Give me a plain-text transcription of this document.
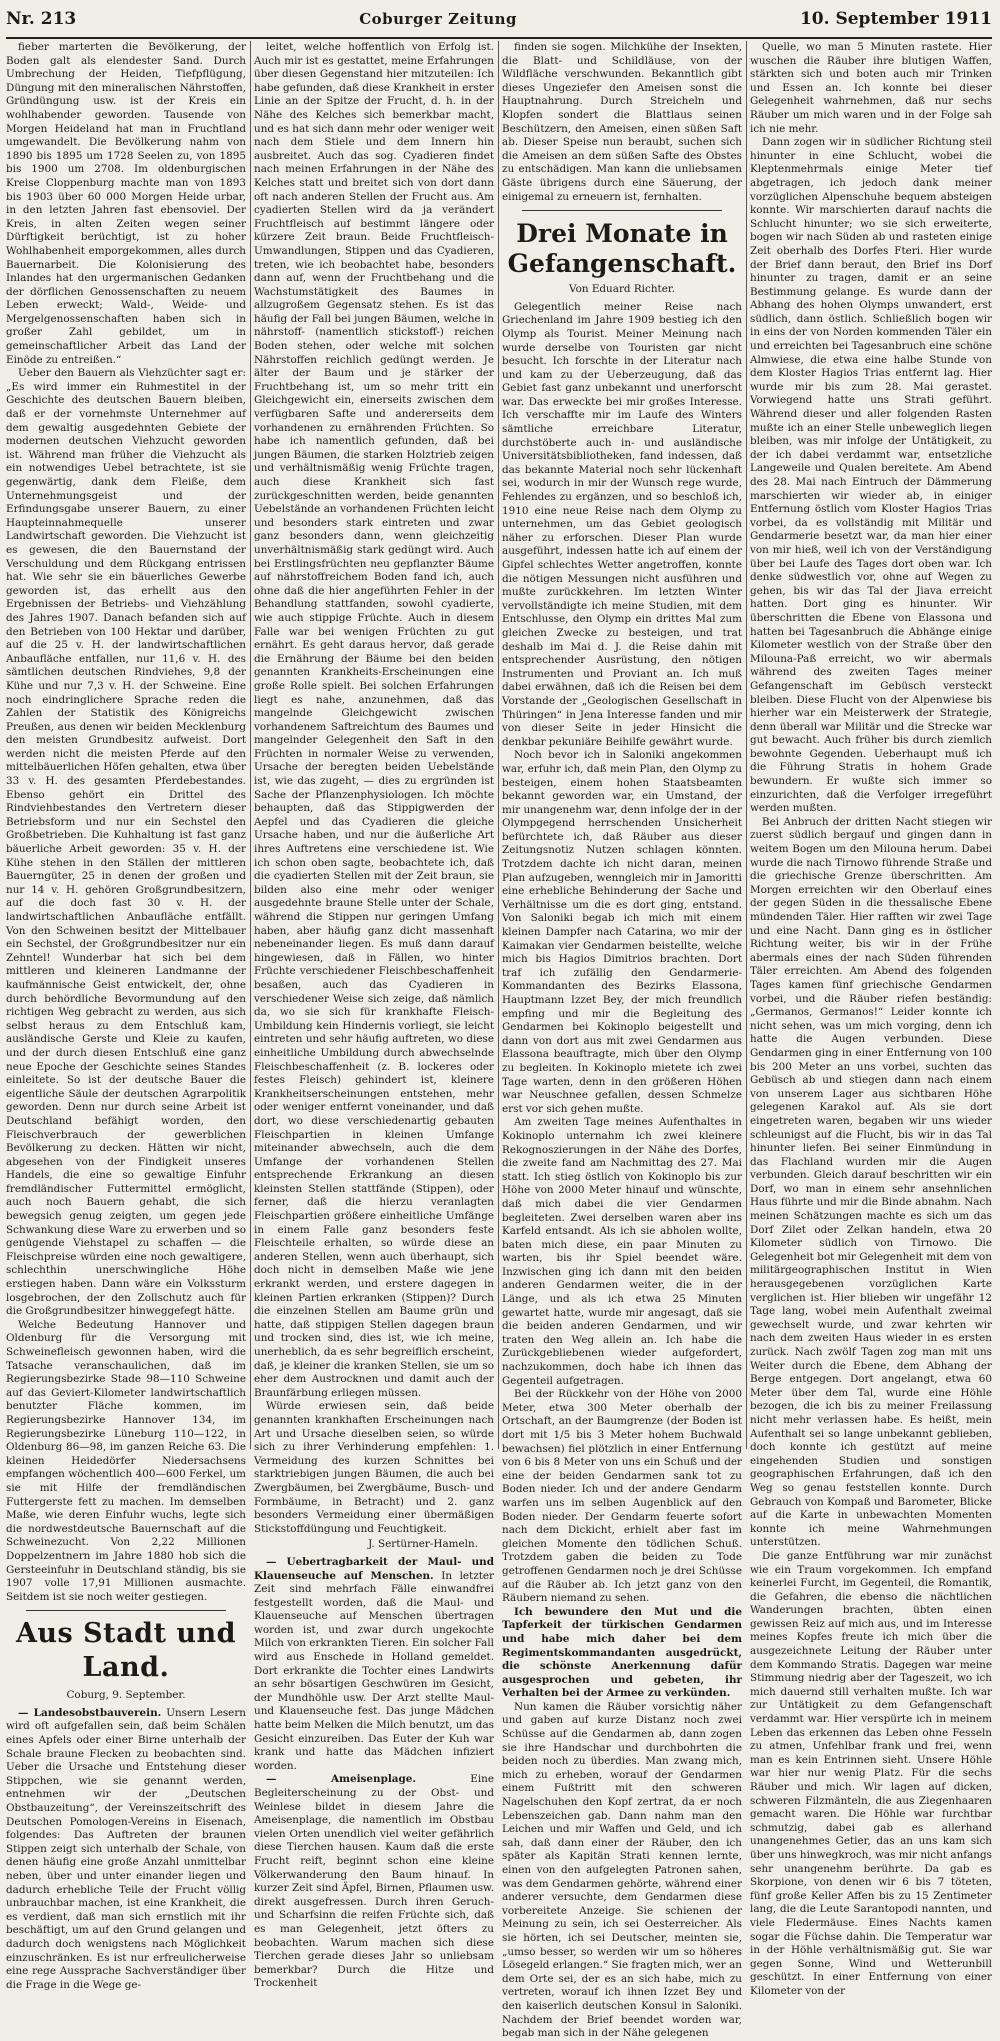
Nr. 213	Coburger Zeitung	10. September 1911

fieber marterten die Bevölkerung, der Boden galt als elendester Sand. Durch Umbrechung der Heiden, Tiefpflügung, Düngung mit den mineralischen Nährstoffen, Gründüngung usw. ist der Kreis ein wohlhabender geworden. Tausende von Morgen Heideland hat man in Fruchtland umgewandelt. Die Bevölkerung nahm von 1890 bis 1895 um 1728 Seelen zu, von 1895 bis 1900 um 2708. Im oldenburgischen Kreise Cloppenburg machte man von 1893 bis 1903 über 60 000 Morgen Heide urbar, in den letzten Jahren fast ebensoviel. Der Kreis, in alten Zeiten wegen seiner Dürftigkeit berüchtigt, ist zu hoher Wohlhabenheit emporgekommen, alles durch Bauernarbeit. Die Kolonisierung des Inlandes hat den urgermanischen Gedanken der dörflichen Genossenschaften zu neuem Leben erweckt; Wald-, Weide- und Mergelgenossenschaften haben sich in großer Zahl gebildet, um in gemeinschaftlicher Arbeit das Land der Einöde zu entreißen.“

Ueber den Bauern als Viehzüchter sagt er: „Es wird immer ein Ruhmestitel in der Geschichte des deutschen Bauern bleiben, daß er der vornehmste Unternehmer auf dem gewaltig ausgedehnten Gebiete der modernen deutschen Viehzucht geworden ist. Während man früher die Viehzucht als ein notwendiges Uebel betrachtete, ist sie gegenwärtig, dank dem Fleiße, dem Unternehmungsgeist und der Erfindungsgabe unserer Bauern, zu einer Haupteinnahmequelle unserer Landwirtschaft geworden. Die Viehzucht ist es gewesen, die den Bauernstand der Verschuldung und dem Rückgang entrissen hat. Wie sehr sie ein bäuerliches Gewerbe geworden ist, das erhellt aus den Ergebnissen der Betriebs- und Viehzählung des Jahres 1907. Danach befanden sich auf den Betrieben von 100 Hektar und darüber, auf die 25 v. H. der landwirtschaftlichen Anbaufläche entfallen, nur 11,6 v. H. des sämtlichen deutschen Rindviehes, 9,8 der Kühe und nur 7,3 v. H. der Schweine. Eine noch eindringlichere Sprache reden die Zahlen der Statistik des Königreichs Preußen, aus denen wir beiden Mecklenburg den meisten Grundbesitz aufweist. Dort werden nicht die meisten Pferde auf den mittelbäuerlichen Höfen gehalten, etwa über 33 v. H. des gesamten Pferdebestandes. Ebenso gehört ein Drittel des Rindviehbestandes den Vertretern dieser Betriebsform und nur ein Sechstel den Großbetrieben. Die Kuhhaltung ist fast ganz bäuerliche Arbeit geworden: 35 v. H. der Kühe stehen in den Ställen der mittleren Bauerngüter, 25 in denen der großen und nur 14 v. H. gehören Großgrundbesitzern, auf die doch fast 30 v. H. der landwirtschaftlichen Anbaufläche entfällt. Von den Schweinen besitzt der Mittelbauer ein Sechstel, der Großgrundbesitzer nur ein Zehntel! Wunderbar hat sich bei dem mittleren und kleineren Landmanne der kaufmännische Geist entwickelt, der, ohne durch behördliche Bevormundung auf den richtigen Weg gebracht zu werden, aus sich selbst heraus zu dem Entschluß kam, ausländische Gerste und Kleie zu kaufen, und der durch diesen Entschluß eine ganz neue Epoche der Geschichte seines Standes einleitete. So ist der deutsche Bauer die eigentliche Säule der deutschen Agrarpolitik geworden. Denn nur durch seine Arbeit ist Deutschland befähigt worden, den Fleischverbrauch der gewerblichen Bevölkerung zu decken. Hätten wir nicht, abgesehen von der Findigkeit unseres Handels, die eine so gewaltige Einfuhr fremdländischer Futtermittel ermöglicht, auch noch Bauern gehabt, die sich bewegsich genug zeigten, um gegen jede Schwankung diese Ware zu erwerben und so genügende Viehstapel zu schaffen — die Fleischpreise würden eine noch gewaltigere, schlechthin unerschwingliche Höhe erstiegen haben. Dann wäre ein Volkssturm losgebrochen, der den Zollschutz auch für die Großgrundbesitzer hinweggefegt hätte.

Welche Bedeutung Hannover und Oldenburg für die Versorgung mit Schweinefleisch gewonnen haben, wird die Tatsache veranschaulichen, daß im Regierungsbezirke Stade 98—110 Schweine auf das Geviert-Kilometer landwirtschaftlich benutzter Fläche kommen, im Regierungsbezirke Hannover 134, im Regierungsbezirke Lüneburg 110—122, in Oldenburg 86—98, im ganzen Reiche 63. Die kleinen Heidedörfer Niedersachsens empfangen wöchentlich 400—600 Ferkel, um sie mit Hilfe der fremdländischen Futtergerste fett zu machen. Im demselben Maße, wie deren Einfuhr wuchs, legte sich die nordwestdeutsche Bauernschaft auf die Schweinezucht. Von 2,22 Millionen Doppelzentnern im Jahre 1880 hob sich die Gersteeinfuhr in Deutschland ständig, bis sie 1907 volle 17,91 Millionen ausmachte. Seitdem ist sie noch weiter gestiegen.

Aus Stadt und Land.
Coburg, 9. September.

— Landesobstbauverein. Unsern Lesern wird oft aufgefallen sein, daß beim Schälen eines Apfels oder einer Birne unterhalb der Schale braune Flecken zu beobachten sind. Ueber die Ursache und Entstehung dieser Stippchen, wie sie genannt werden, entnehmen wir der „Deutschen Obstbauzeitung“, der Vereinszeitschrift des Deutschen Pomologen-Vereins in Eisenach, folgendes: Das Auftreten der braunen Stippen zeigt sich unterhalb der Schale, von denen häufig eine große Anzahl unmittelbar neben, über und unter einander liegen und dadurch erhebliche Teile der Frucht völlig unbrauchbar machen, ist eine Krankheit, die es verdient, daß man sich ernstlich mit ihr beschäftigt, um auf den Grund gelangen und dadurch doch wenigstens nach Möglichkeit einzuschränken. Es ist nur erfreulicherweise eine rege Aussprache Sachverständiger über die Frage in die Wege ge-

leitet, welche hoffentlich von Erfolg ist. Auch mir ist es gestattet, meine Erfahrungen über diesen Gegenstand hier mitzuteilen: Ich habe gefunden, daß diese Krankheit in erster Linie an der Spitze der Frucht, d. h. in der Nähe des Kelches sich bemerkbar macht, und es hat sich dann mehr oder weniger weit nach dem Stiele und dem Innern hin ausbreitet. Auch das sog. Cyadieren findet nach meinen Erfahrungen in der Nähe des Kelches statt und breitet sich von dort dann oft nach anderen Stellen der Frucht aus. Am cyadierten Stellen wird da ja verändert Fruchtfleisch auf bestimmt längere oder kürzere Zeit braun. Beide Fruchtfleisch-Umwandlungen, Stippen und das Cyadieren, treten, wie ich beobachtet habe, besonders dann auf, wenn der Fruchtbehang und die Wachstumstätigkeit des Baumes in allzugroßem Gegensatz stehen. Es ist das häufig der Fall bei jungen Bäumen, welche in nährstoff- (namentlich stickstoff-) reichen Boden stehen, oder welche mit solchen Nährstoffen reichlich gedüngt werden. Je älter der Baum und je stärker der Fruchtbehang ist, um so mehr tritt ein Gleichgewicht ein, einerseits zwischen dem verfügbaren Safte und andererseits dem vorhandenen zu ernährenden Früchten. So habe ich namentlich gefunden, daß bei jungen Bäumen, die starken Holztrieb zeigen und verhältnismäßig wenig Früchte tragen, auch diese Krankheit sich fast zurückgeschnitten werden, beide genannten Uebelstände an vorhandenen Früchten leicht und besonders stark eintreten und zwar ganz besonders dann, wenn gleichzeitig unverhältnismäßig stark gedüngt wird. Auch bei Erstlingsfrüchten neu gepflanzter Bäume auf nährstoffreichem Boden fand ich, auch ohne daß die hier angeführten Fehler in der Behandlung stattfanden, sowohl cyadierte, wie auch stippige Früchte. Auch in diesem Falle war bei wenigen Früchten zu gut ernährt. Es geht daraus hervor, daß gerade die Ernährung der Bäume bei den beiden genannten Krankheits-Erscheinungen eine große Rolle spielt. Bei solchen Erfahrungen liegt es nahe, anzunehmen, daß das mangelnde Gleichgewicht zwischen vorhandenem Saftreichtum des Baumes und mangelnder Gelegenheit den Saft in den Früchten in normaler Weise zu verwenden, Ursache der beregten beiden Uebelstände ist, wie das zugeht, — dies zu ergründen ist Sache der Pflanzenphysiologen. Ich möchte behaupten, daß das Stippigwerden der Aepfel und das Cyadieren die gleiche Ursache haben, und nur die äußerliche Art ihres Auftretens eine verschiedene ist. Wie ich schon oben sagte, beobachtete ich, daß die cyadierten Stellen mit der Zeit braun, sie bilden also eine mehr oder weniger ausgedehnte braune Stelle unter der Schale, während die Stippen nur geringen Umfang haben, aber häufig ganz dicht massenhaft nebeneinander liegen. Es muß dann darauf hingewiesen, daß in Fällen, wo hinter Früchte verschiedener Fleischbeschaffenheit besaßen, auch das Cyadieren in verschiedener Weise sich zeige, daß nämlich da, wo sie sich für krankhafte Fleisch-Umbildung kein Hindernis vorliegt, sie leicht eintreten und sehr häufig auftreten, wo diese einheitliche Umbildung durch abwechselnde Fleischbeschaffenheit (z. B. lockeres oder festes Fleisch) gehindert ist, kleinere Krankheitserscheinungen entstehen, mehr oder weniger entfernt voneinander, und daß dort, wo diese verschiedenartig gebauten Fleischpartien in kleinen Umfange miteinander abwechseln, auch die dem Umfange der vorhandenen Stellen entsprechende Erkrankung an diesen kleinsten Stellen stattfände (Stippen), oder ferner, daß die hierzu veranlagten Fleischpartien größere einheitliche Umfänge in einem Falle ganz besonders feste Fleischteile erhalten, so würde diese an anderen Stellen, wenn auch überhaupt, sich doch nicht in demselben Maße wie jene erkrankt werden, und erstere dagegen in kleinen Partien erkranken (Stippen)? Durch die einzelnen Stellen am Baume grün und hatte, daß stippigen Stellen dagegen braun und trocken sind, dies ist, wie ich meine, unerheblich, da es sehr begreiflich erscheint, daß, je kleiner die kranken Stellen, sie um so eher dem Austrocknen und damit auch der Braunfärbung erliegen müssen.

Würde erwiesen sein, daß beide genannten krankhaften Erscheinungen nach Art und Ursache dieselben seien, so würde sich zu ihrer Verhinderung empfehlen: 1. Vermeidung des kurzen Schnittes bei starktriebigen jungen Bäumen, die auch bei Zwergbäumen, bei Zwergbäume, Busch- und Formbäume, in Betracht) und 2. ganz besonders Vermeidung einer übermäßigen Stickstoffdüngung und Feuchtigkeit.

J. Sertürner-Hameln.

— Uebertragbarkeit der Maul- und Klauenseuche auf Menschen. In letzter Zeit sind mehrfach Fälle einwandfrei festgestellt worden, daß die Maul- und Klauenseuche auf Menschen übertragen worden ist, und zwar durch ungekochte Milch von erkrankten Tieren. Ein solcher Fall wird aus Enschede in Holland gemeldet. Dort erkrankte die Tochter eines Landwirts an sehr bösartigen Geschwüren im Gesicht, der Mundhöhle usw. Der Arzt stellte Maul- und Klauenseuche fest. Das junge Mädchen hatte beim Melken die Milch benutzt, um das Gesicht einzureiben. Das Euter der Kuh war krank und hatte das Mädchen infiziert worden.

— Ameisenplage.	Eine Begleiterscheinung zu der Obst- und Weinlese bildet in diesem Jahre die Ameisenplage, die namentlich im Obstbau vielen Orten unendlich viel weiter gefährlich diese Tierchen hausen. Kaum daß die erste Frucht reift, beginnt schon eine kleine Völkerwanderung den Baum hinauf. In kurzer Zeit sind Äpfel, Birnen, Pflaumen usw. direkt ausgefressen. Durch ihren Geruch- und Scharfsinn die reifen Früchte sich, daß es man Gelegenheit, jetzt öfters zu beobachten. Warum machen sich diese Tierchen gerade dieses Jahr so unliebsam bemerkbar? Durch die Hitze und Trockenheit

finden sie sogen. Milchkühe der Insekten, die Blatt- und Schildläuse, von der Wildfläche verschwunden. Bekanntlich gibt dieses Ungeziefer den Ameisen sonst die Hauptnahrung. Durch Streicheln und Klopfen sondert die Blattlaus seinen Beschützern, den Ameisen, einen süßen Saft ab. Dieser Speise nun beraubt, suchen sich die Ameisen an dem süßen Safte des Obstes zu entschädigen. Man kann die unliebsamen Gäste übrigens durch eine Säuerung, der einigemal zu erneuern ist, fernhalten.

Drei Monate in Gefangenschaft.
Von Eduard Richter.

Gelegentlich meiner Reise nach Griechenland im Jahre 1909 bestieg ich den Olymp als Tourist. Meiner Meinung nach wurde derselbe von Touristen gar nicht besucht. Ich forschte in der Literatur nach und kam zu der Ueberzeugung, daß das Gebiet fast ganz unbekannt und unerforscht war. Das erweckte bei mir großes Interesse. Ich verschaffte mir im Laufe des Winters sämtliche erreichbare Literatur, durchstöberte auch in- und ausländische Universitätsbibliotheken, fand indessen, daß das bekannte Material noch sehr lückenhaft sei, wodurch in mir der Wunsch rege wurde, Fehlendes zu ergänzen, und so beschloß ich, 1910 eine neue Reise nach dem Olymp zu unternehmen, um das Gebiet geologisch näher zu erforschen. Dieser Plan wurde ausgeführt, indessen hatte ich auf einem der Gipfel schlechtes Wetter angetroffen, konnte die nötigen Messungen nicht ausführen und mußte zurückkehren. Im letzten Winter vervollständigte ich meine Studien, mit dem Entschlusse, den Olymp ein drittes Mal zum gleichen Zwecke zu besteigen, und trat deshalb im Mai d. J. die Reise dahin mit entsprechender Ausrüstung, den nötigen Instrumenten und Proviant an. Ich muß dabei erwähnen, daß ich die Reisen bei dem Vorstande der „Geologischen Gesellschaft in Thüringen“ in Jena Interesse fanden und mir von dieser Seite in jeder Hinsicht die denkbar pekuniäre Beihilfe gewährt wurde.

Noch bevor ich in Saloniki angekommen war, erfuhr ich, daß mein Plan, den Olymp zu besteigen, einem hohen Staatsbeamten bekannt geworden war, ein Umstand, der mir unangenehm war, denn infolge der in der Olympgegend herrschenden Unsicherheit befürchtete ich, daß Räuber aus dieser Zeitungsnotiz Nutzen schlagen könnten. Trotzdem dachte ich nicht daran, meinen Plan aufzugeben, wenngleich mir in Jamoritti eine erhebliche Behinderung der Sache und Verhältnisse um die es dort ging, entstand. Von Saloniki begab ich mich mit einem kleinen Dampfer nach Catarina, wo mir der Kaimakan vier Gendarmen beistellte, welche mich bis Hagios Dimitrios brachten. Dort traf ich zufällig den Gendarmerie-Kommandanten des Bezirks Elassona, Hauptmann Izzet Bey, der mich freundlich empfing und mir die Begleitung des Gendarmen bei Kokinoplo beigestellt und dann von dort aus mit zwei Gendarmen aus Elassona beauftragte, mich über den Olymp zu begleiten. In Kokinoplo mietete ich zwei Tage warten, denn in den größeren Höhen war Neuschnee gefallen, dessen Schmelze erst vor sich gehen mußte.

Am zweiten Tage meines Aufenthaltes in Kokinoplo unternahm ich zwei kleinere Rekognoszierungen in der Nähe des Dorfes, die zweite fand am Nachmittag des 27. Mai statt. Ich stieg östlich von Kokinoplo bis zur Höhe von 2000 Meter hinauf und wünschte, daß mich dabei die vier Gendarmen begleiteten. Zwei derselben waren aber ins Karfeld entsandt. Als ich sie abholen wollte, baten mich diese, ein paar Minuten zu warten, bis ihr Spiel beendet wäre. Inzwischen ging ich dann mit den beiden anderen Gendarmen weiter, die in der Länge, und als ich etwa 25 Minuten gewartet hatte, wurde mir angesagt, daß sie die beiden anderen Gendarmen, und wir traten den Weg allein an. Ich habe die Zurückgebliebenen wieder aufgefordert, nachzukommen, doch habe ich ihnen das Gegenteil aufgetragen.

Bei der Rückkehr von der Höhe von 2000 Meter, etwa 300 Meter oberhalb der Ortschaft, an der Baumgrenze (der Boden ist dort mit 1/5 bis 3 Meter hohem Buchwald bewachsen) fiel plötzlich in einer Entfernung von 6 bis 8 Meter von uns ein Schuß und der eine der beiden Gendarmen sank tot zu Boden nieder. Ich und der andere Gendarm warfen uns im selben Augenblick auf den Boden nieder. Der Gendarm feuerte sofort nach dem Dickicht, erhielt aber fast im gleichen Momente den tödlichen Schuß. Trotzdem gaben die beiden zu Tode getroffenen Gendarmen noch je drei Schüsse auf die Räuber ab. Ich jetzt ganz von den Räubern niemand zu sehen.

Ich bewundere den Mut und die Tapferkeit der türkischen Gendarmen und habe mich daher bei dem Regimentskommandanten ausgedrückt, die schönste Anerkennung dafür ausgesprochen und gebeten, ihr Verhalten bei der Armee zu verkünden.

Nun kamen die Räuber vorsichtig näher und gaben auf kurze Distanz noch zwei Schüsse auf die Gendarmen ab, dann zogen sie ihre Handschar und durchbohrten die beiden noch zu überdies. Man zwang mich, mich zu erheben, worauf der Gendarmen einem Fußtritt mit den schweren Nagelschuhen den Kopf zertrat, da er noch Lebenszeichen gab. Dann nahm man den Leichen und mir Waffen und Geld, und ich sah, daß dann einer der Räuber, den ich später als Kapitän Strati kennen lernte, einen von den aufgelegten Patronen sahen, was dem Gendarmen gehörte, während einer anderer versuchte, dem Gendarmen diese vorbereitete Anzeige. Sie schienen der Meinung zu sein, ich sei Oesterreicher. Als sie hörten, ich sei Deutscher, meinten sie, „umso besser, so werden wir um so höheres Lösegeld erlangen.“ Sie fragten mich, wer an dem Orte sei, der es an sich habe, mich zu vertreten, worauf ich ihnen Izzet Bey und den kaiserlich deutschen Konsul in Saloniki. Nachdem der Brief beendet worden war, begab man sich in der Nähe gelegenen

Quelle, wo man 5 Minuten rastete. Hier wuschen die Räuber ihre blutigen Waffen, stärkten sich und boten auch mir Trinken und Essen an. Ich konnte bei dieser Gelegenheit wahrnehmen, daß nur sechs Räuber um mich waren und in der Folge sah ich nie mehr.

Dann zogen wir in südlicher Richtung steil hinunter in eine Schlucht, wobei die Kleptenmehrmals einige Meter tief abgetragen, ich jedoch dank meiner vorzüglichen Alpenschuhe bequem absteigen konnte. Wir marschierten darauf nachts die Schlucht hinunter; wo sie sich erweiterte, bogen wir nach Süden ab und rasteten einige Zeit oberhalb des Dorfes Fteri. Hier wurde der Brief dann beraut, den Brief ins Dorf hinunter zu tragen, damit er an seine Bestimmung gelange. Es wurde dann der Abhang des hohen Olymps unwandert, erst südlich, dann östlich. Schließlich bogen wir in eins der von Norden kommenden Täler ein und erreichten bei Tagesanbruch eine schöne Almwiese, die etwa eine halbe Stunde von dem Kloster Hagios Trias entfernt lag. Hier wurde mir bis zum 28. Mai gerastet. Vorwiegend hatte uns Strati geführt. Während dieser und aller folgenden Rasten mußte ich an einer Stelle unbeweglich liegen bleiben, was mir infolge der Untätigkeit, zu der ich dabei verdammt war, entsetzliche Langeweile und Qualen bereitete. Am Abend des 28. Mai nach Eintruch der Dämmerung marschierten wir wieder ab, in einiger Entfernung östlich vom Kloster Hagios Trias vorbei, da es vollständig mit Militär und Gendarmerie besetzt war, da man hier einer von mir hieß, weil ich von der Verständigung über bei Laufe des Tages dort oben war. Ich denke südwestlich vor, ohne auf Wegen zu gehen, bis wir das Tal der Jiava erreicht hatten. Dort ging es hinunter. Wir überschritten die Ebene von Elassona und hatten bei Tagesanbruch die Abhänge einige Kilometer westlich von der Straße über den Milouna-Paß erreicht, wo wir abermals während des zweiten Tages meiner Gefangenschaft im Gebüsch versteckt bleiben. Diese Flucht von der Alpenwiese bis hierher war ein Meisterwerk der Strategie, denn überall war Militär und die Strecke war gut bewacht. Auch früher bis durch ziemlich bewohnte Gegenden. Ueberhaupt muß ich die Führung Stratis in hohem Grade bewundern. Er wußte sich immer so einzurichten, daß die Verfolger irregeführt werden mußten.

Bei Anbruch der dritten Nacht stiegen wir zuerst südlich bergauf und gingen dann in weitem Bogen um den Milouna herum. Dabei wurde die nach Tirnowo führende Straße und die griechische Grenze überschritten. Am Morgen erreichten wir den Oberlauf eines der gegen Süden in die thessalische Ebene mündenden Täler. Hier rafften wir zwei Tage und eine Nacht. Dann ging es in östlicher Richtung weiter, bis wir in der Frühe abermals eines der nach Süden führenden Täler erreichten. Am Abend des folgenden Tages kamen fünf griechische Gendarmen vorbei, und die Räuber riefen beständig: „Germanos, Germanos!“ Leider konnte ich nicht sehen, was um mich vorging, denn ich hatte die Augen verbunden. Diese Gendarmen ging in einer Entfernung von 100 bis 200 Meter an uns vorbei, suchten das Gebüsch ab und stiegen dann nach einem von unserem Lager aus sichtbaren Höhe gelegenen Karakol auf. Als sie dort eingetreten waren, begaben wir uns wieder schleunigst auf die Flucht, bis wir in das Tal hinunter liefen. Bei seiner Einmündung in das Flachland wurden mir die Augen verbunden. Gleich darauf beschritten wir ein Dorf, wo man in einem sehr ansehnlichen Haus führte und mir die Binde abnahm. Nach meinen Schätzungen machte es sich um das Dorf Zilet oder Zelkan handeln, etwa 20 Kilometer südlich von Tirnowo. Die Gelegenheit bot mir Gelegenheit mit dem von militärgeographischen Institut in Wien herausgegebenen vorzüglichen Karte verglichen ist. Hier blieben wir ungefähr 12 Tage lang, wobei mein Aufenthalt zweimal gewechselt wurde, und zwar kehrten wir nach dem zweiten Haus wieder in es ersten zurück. Nach zwölf Tagen zog man mit uns Weiter durch die Ebene, dem Abhang der Berge entgegen. Dort angelangt, etwa 60 Meter über dem Tal, wurde eine Höhle bezogen, die ich bis zu meiner Freilassung nicht mehr verlassen habe. Es heißt, mein Aufenthalt sei so lange unbekannt geblieben, doch konnte ich gestützt auf meine eingehenden Studien und sonstigen geographischen Erfahrungen, daß ich den Weg so genau feststellen konnte. Durch Gebrauch von Kompaß und Barometer, Blicke auf die Karte in unbewachten Momenten konnte ich meine Wahrnehmungen unterstützen.

Die ganze Entführung war mir zunächst wie ein Traum vorgekommen. Ich empfand keinerlei Furcht, im Gegenteil, die Romantik, die Gefahren, die ebenso die nächtlichen Wanderungen brachten, übten einen gewissen Reiz auf mich aus, und im Interesse meines Kopfes freute ich mich über die ausgezeichnete Leitung der Räuber unter dem Kommando Stratis. Dagegen war meine Stimmung niedrig aber der Tageszeit, wo ich mich dauernd still verhalten mußte. Ich war zur Untätigkeit zu dem Gefangenschaft verdammt war. Hier verspürte ich in meinem Leben das erkennen das Leben ohne Fesseln zu atmen, Unfehlbar frank und frei, wenn man es kein Entrinnen sieht. Unsere Höhle war hier nur wenig Platz. Für die sechs Räuber und mich. Wir lagen auf dicken, schweren Filzmänteln, die aus Ziegenhaaren gemacht waren. Die Höhle war furchtbar schmutzig, dabei gab es allerhand unangenehmes Getier, das an uns kam sich über uns hinwegkroch, was mir nicht anfangs sehr unangenehm berührte. Da gab es Skorpione, von denen wir 6 bis 7 töteten, fünf große Keller Affen bis zu 15 Zentimeter lang, die die Leute Sarantopodi nannten, und viele Fledermäuse. Eines Nachts kamen sogar die Füchse dahin. Die Temperatur war in der Höhle verhältnismäßig gut. Sie war gegen Sonne, Wind und Wetterunbill geschützt. In einer Entfernung von einer Kilometer von der
